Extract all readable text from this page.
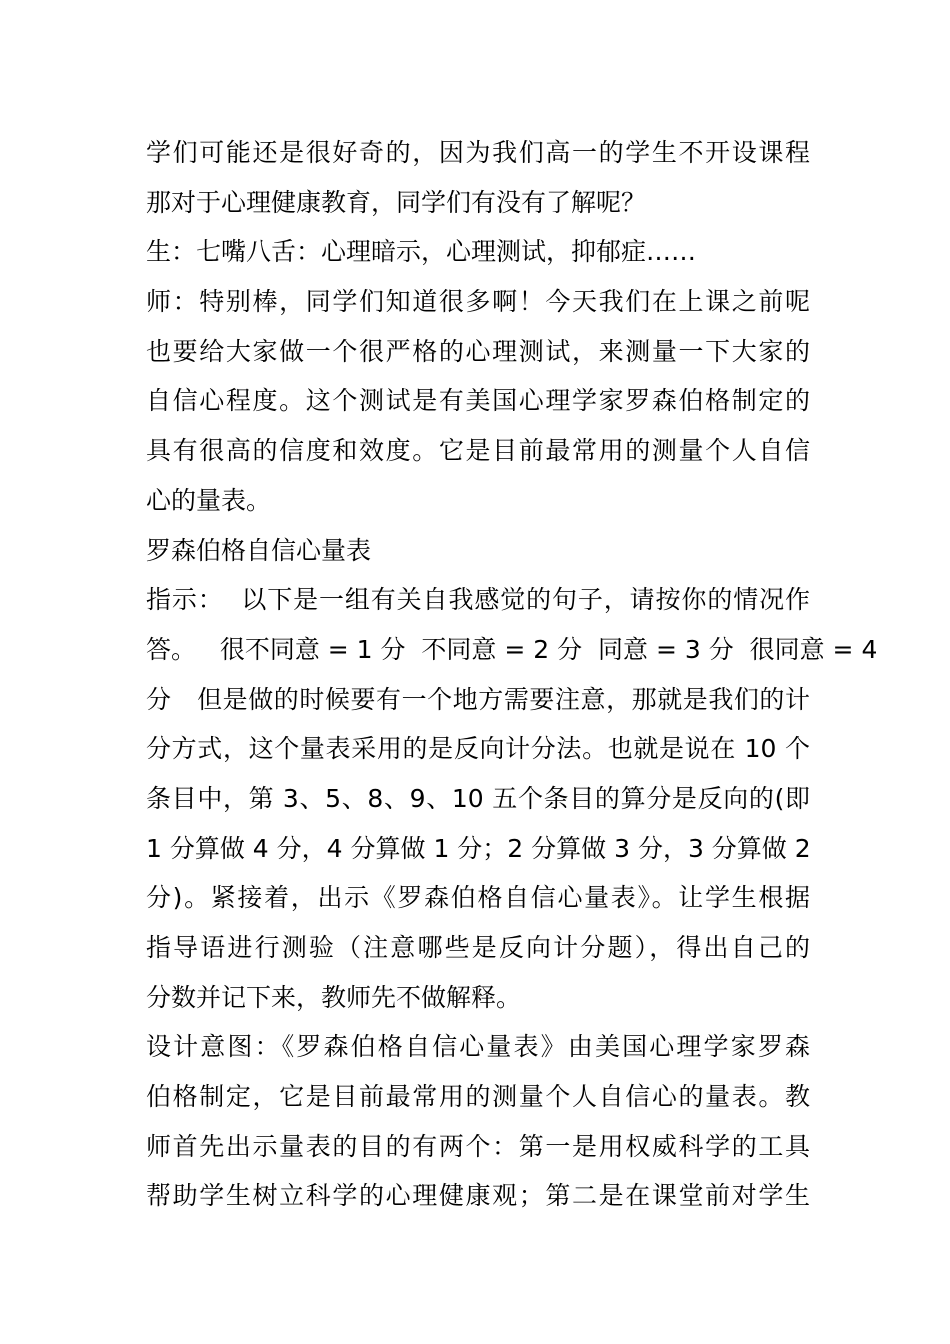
学们可能还是很好奇的，因为我们高一的学生不开设课程
那对于心理健康教育，同学们有没有了解呢？
生：七嘴八舌：心理暗示，心理测试，抑郁症……
师：特别棒，同学们知道很多啊！今天我们在上课之前呢
也要给大家做一个很严格的心理测试，来测量一下大家的
自信心程度。这个测试是有美国心理学家罗森伯格制定的
具有很高的信度和效度。它是目前最常用的测量个人自信
心的量表。
罗森伯格自信心量表
指示：  以下是一组有关自我感觉的句子，请按你的情况作
答。   很不同意 = 1 分  不同意 = 2 分  同意 = 3 分  很同意 = 4
分   但是做的时候要有一个地方需要注意，那就是我们的计
分方式，这个量表采用的是反向计分法。也就是说在 10 个
条目中，第 3、5、8、9、10 五个条目的算分是反向的(即
1 分算做 4 分，4 分算做 1 分；2 分算做 3 分，3 分算做 2
分)。紧接着，出示《罗森伯格自信心量表》。让学生根据
指导语进行测验（注意哪些是反向计分题），得出自己的
分数并记下来，教师先不做解释。
设计意图：《罗森伯格自信心量表》由美国心理学家罗森
伯格制定，它是目前最常用的测量个人自信心的量表。教
师首先出示量表的目的有两个：第一是用权威科学的工具
帮助学生树立科学的心理健康观；第二是在课堂前对学生
